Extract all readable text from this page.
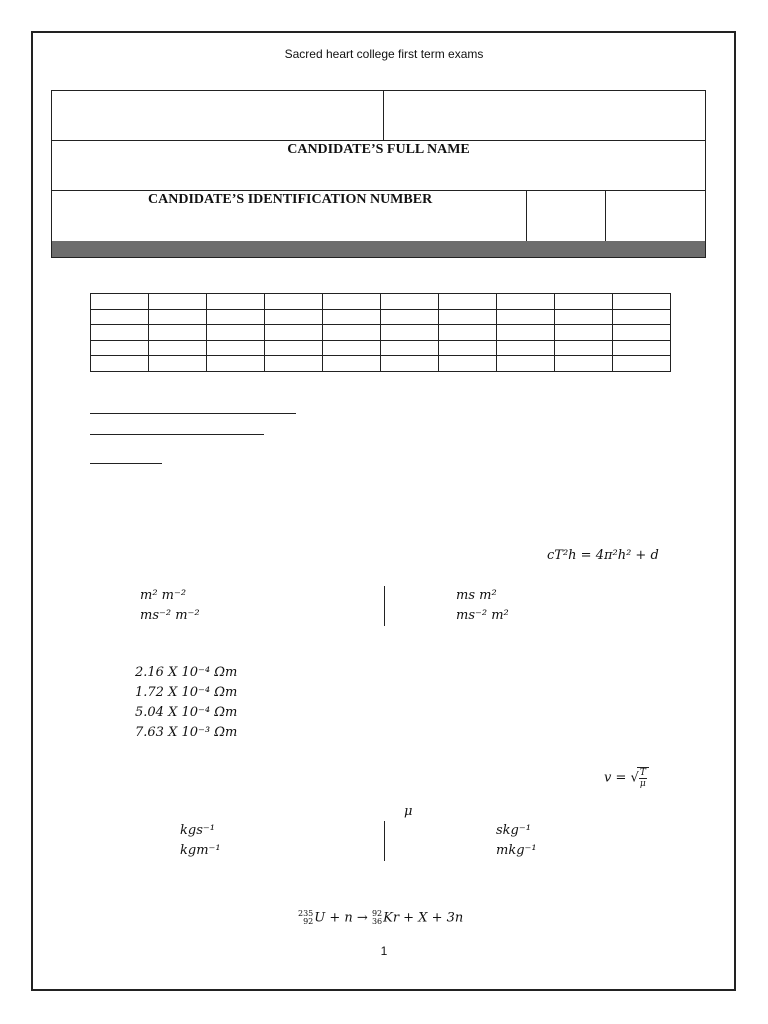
Sacred heart college first term exams
CANDIDATE’S FULL NAME
CANDIDATE’S IDENTIFICATION NUMBER

cT²h = 4π²h² + d
m² m⁻²
ms⁻² m⁻²
ms m²
ms⁻² m²
2.16 X 10⁻⁴ Ωm
1.72 X 10⁻⁴ Ωm
5.04 X 10⁻⁴ Ωm
7.63 X 10⁻³ Ωm
v = √ $\frac{T}{\mu}$
μ
kgs⁻¹
kgm⁻¹
skg⁻¹
mkg⁻¹
235
92 U + n → 92
36 Kr + X + 3n
1
